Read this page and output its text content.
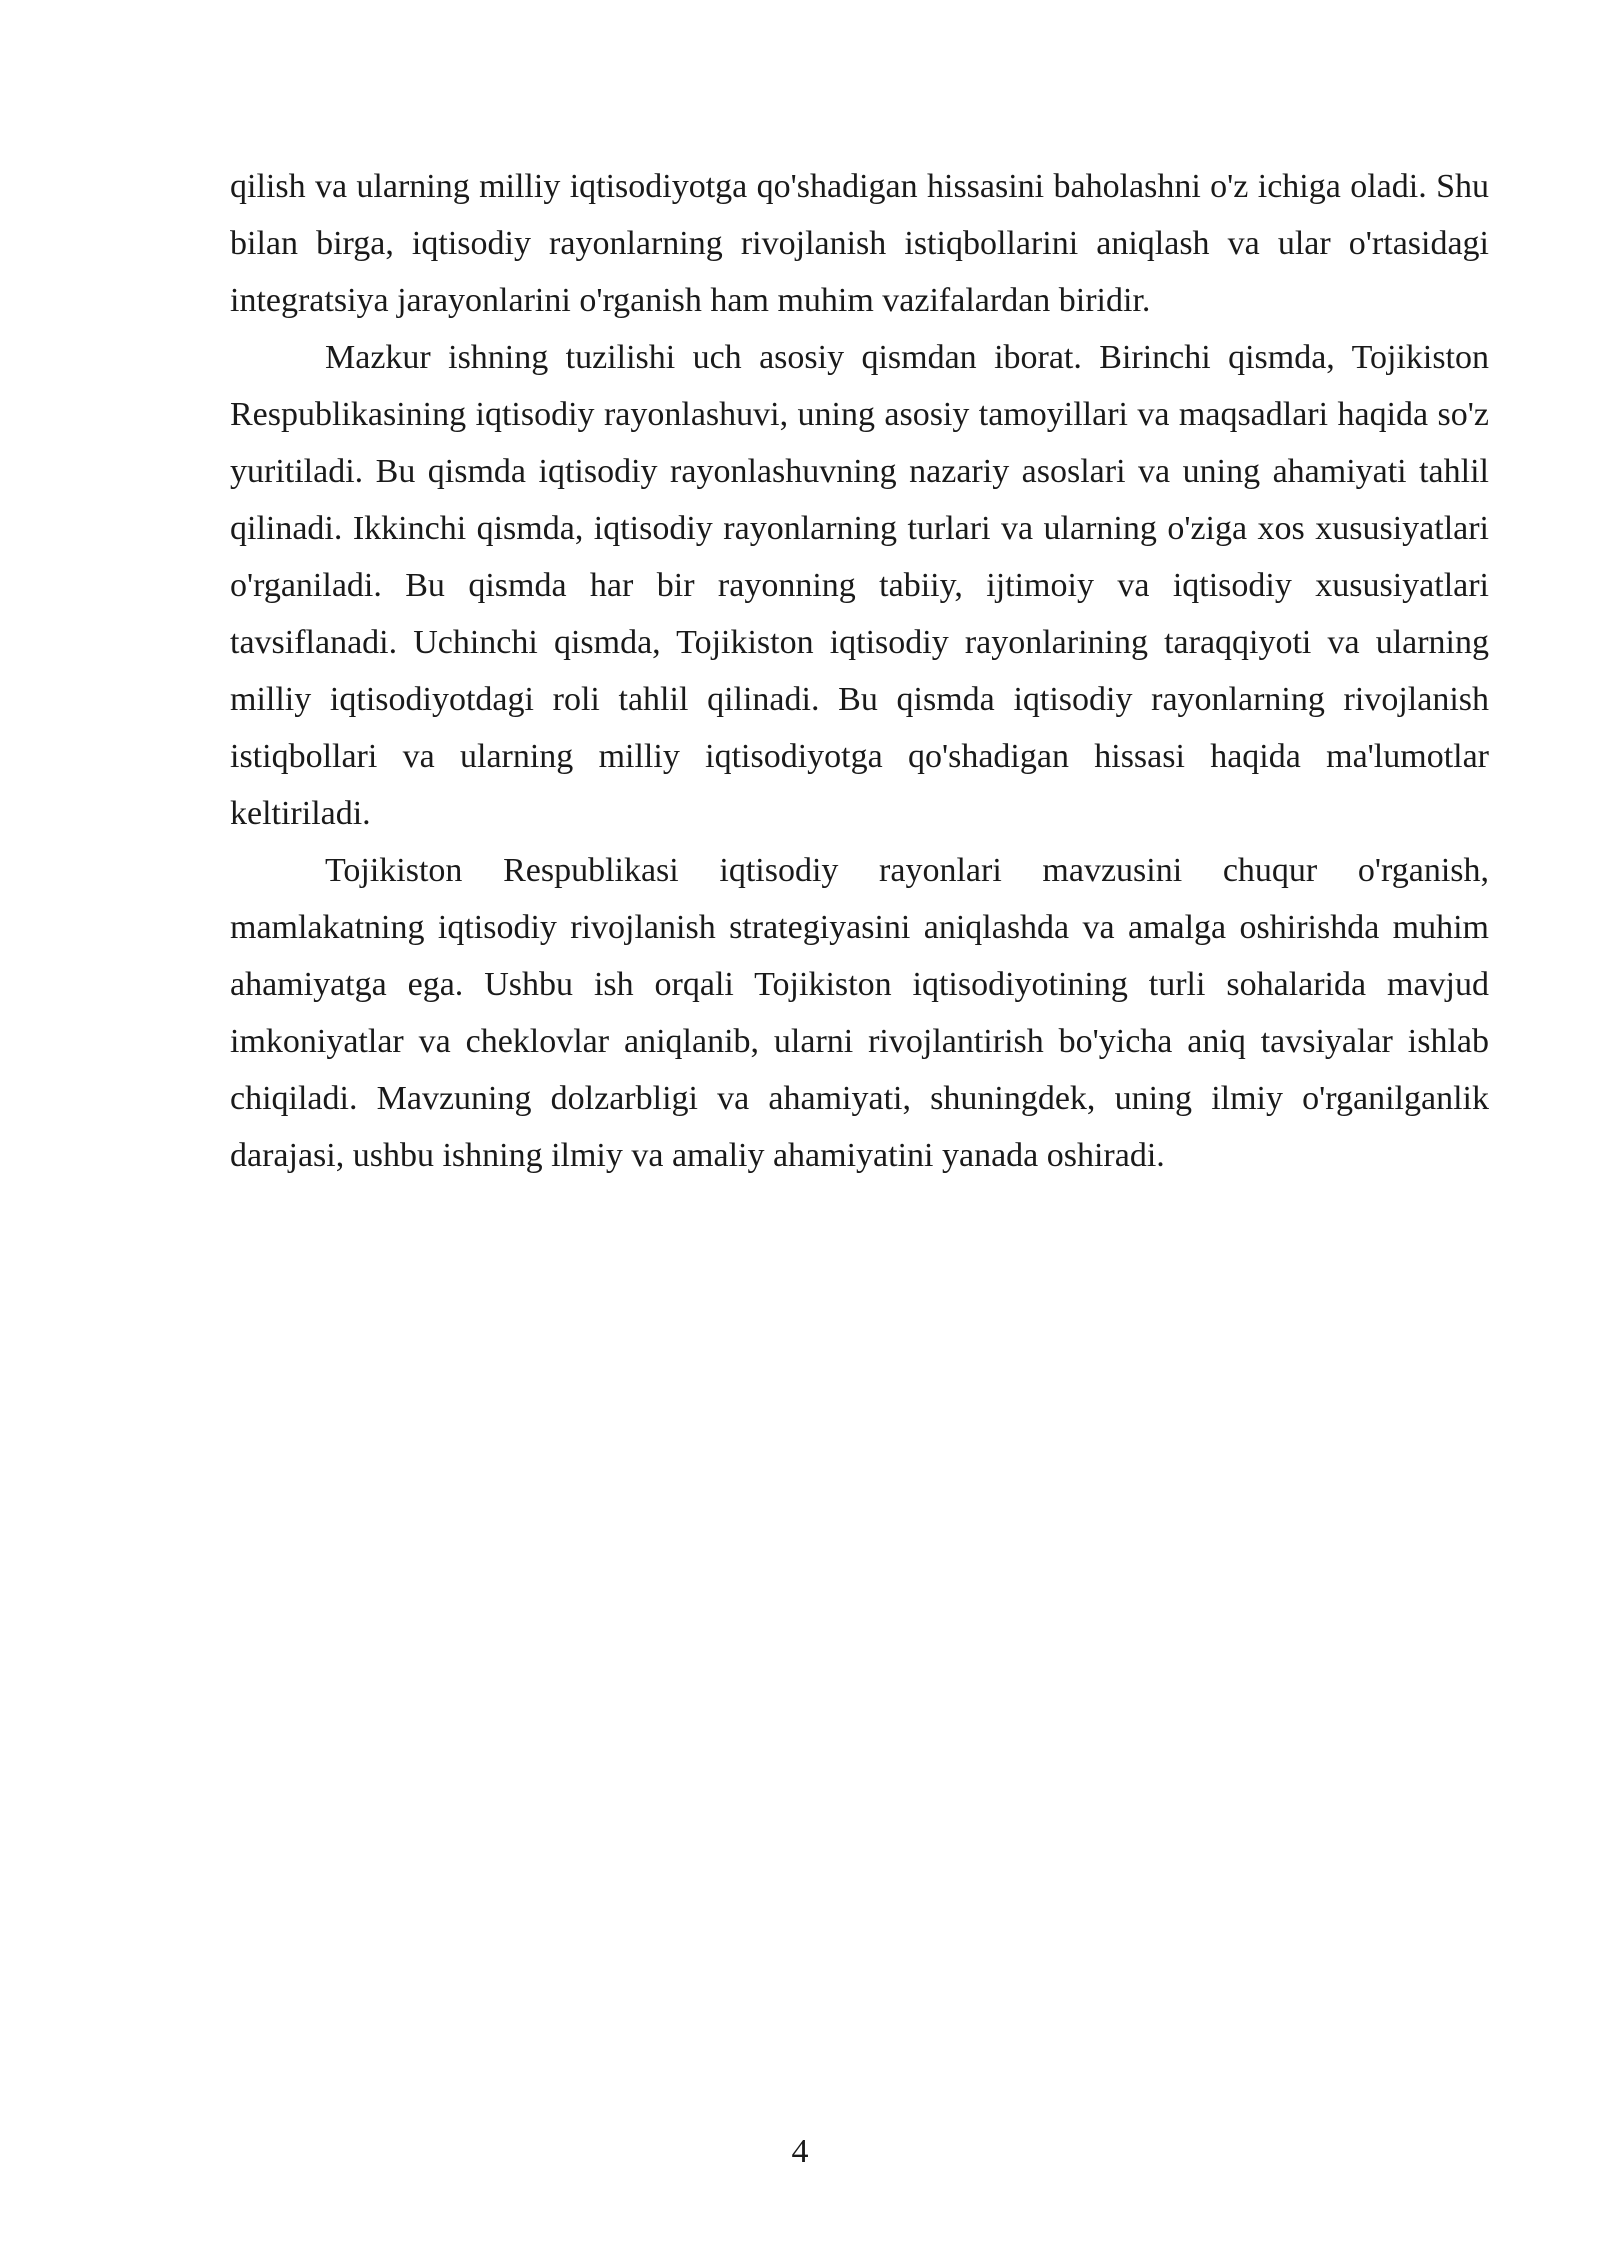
qilish va ularning milliy iqtisodiyotga qo'shadigan hissasini baholashni o'z ichiga oladi. Shu bilan birga, iqtisodiy rayonlarning rivojlanish istiqbollarini aniqlash va ular o'rtasidagi integratsiya jarayonlarini o'rganish ham muhim vazifalardan biridir.

Mazkur ishning tuzilishi uch asosiy qismdan iborat. Birinchi qismda, Tojikiston Respublikasining iqtisodiy rayonlashuvi, uning asosiy tamoyillari va maqsadlari haqida so'z yuritiladi. Bu qismda iqtisodiy rayonlashuvning nazariy asoslari va uning ahamiyati tahlil qilinadi. Ikkinchi qismda, iqtisodiy rayonlarning turlari va ularning o'ziga xos xususiyatlari o'rganiladi. Bu qismda har bir rayonning tabiiy, ijtimoiy va iqtisodiy xususiyatlari tavsiflanadi. Uchinchi qismda, Tojikiston iqtisodiy rayonlarining taraqqiyoti va ularning milliy iqtisodiyotdagi roli tahlil qilinadi. Bu qismda iqtisodiy rayonlarning rivojlanish istiqbollari va ularning milliy iqtisodiyotga qo'shadigan hissasi haqida ma'lumotlar keltiriladi.

Tojikiston Respublikasi iqtisodiy rayonlari mavzusini chuqur o'rganish, mamlakatning iqtisodiy rivojlanish strategiyasini aniqlashda va amalga oshirishda muhim ahamiyatga ega. Ushbu ish orqali Tojikiston iqtisodiyotining turli sohalarida mavjud imkoniyatlar va cheklovlar aniqlanib, ularni rivojlantirish bo'yicha aniq tavsiyalar ishlab chiqiladi. Mavzuning dolzarbligi va ahamiyati, shuningdek, uning ilmiy o'rganilganlik darajasi, ushbu ishning ilmiy va amaliy ahamiyatini yanada oshiradi.

4
